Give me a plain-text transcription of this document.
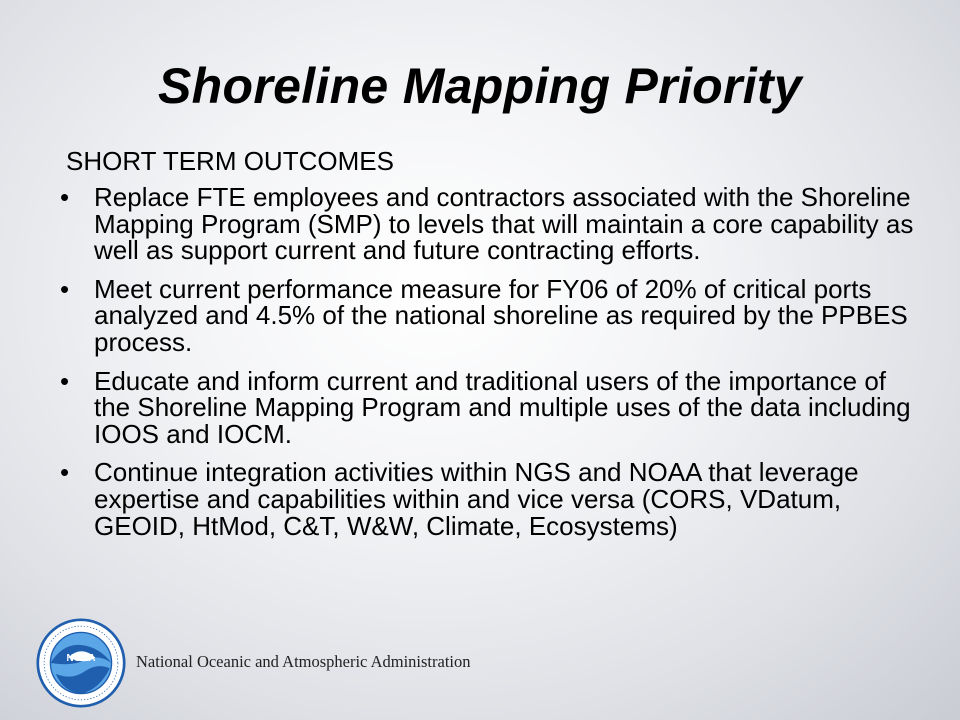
Shoreline Mapping Priority
SHORT TERM OUTCOMES
• Replace FTE employees and contractors associated with the Shoreline Mapping Program (SMP) to levels that will maintain a core capability as well as support current and future contracting efforts.
• Meet current performance measure for FY06 of 20% of critical ports analyzed and 4.5% of the national shoreline as required by the PPBES process.
• Educate and inform current and traditional users of the importance of the Shoreline Mapping Program and multiple uses of the data including IOOS and IOCM.
• Continue integration activities within NGS and NOAA that leverage expertise and capabilities within and vice versa (CORS, VDatum, GEOID, HtMod, C&T, W&W, Climate, Ecosystems)
NOAA National Oceanic and Atmospheric Administration
